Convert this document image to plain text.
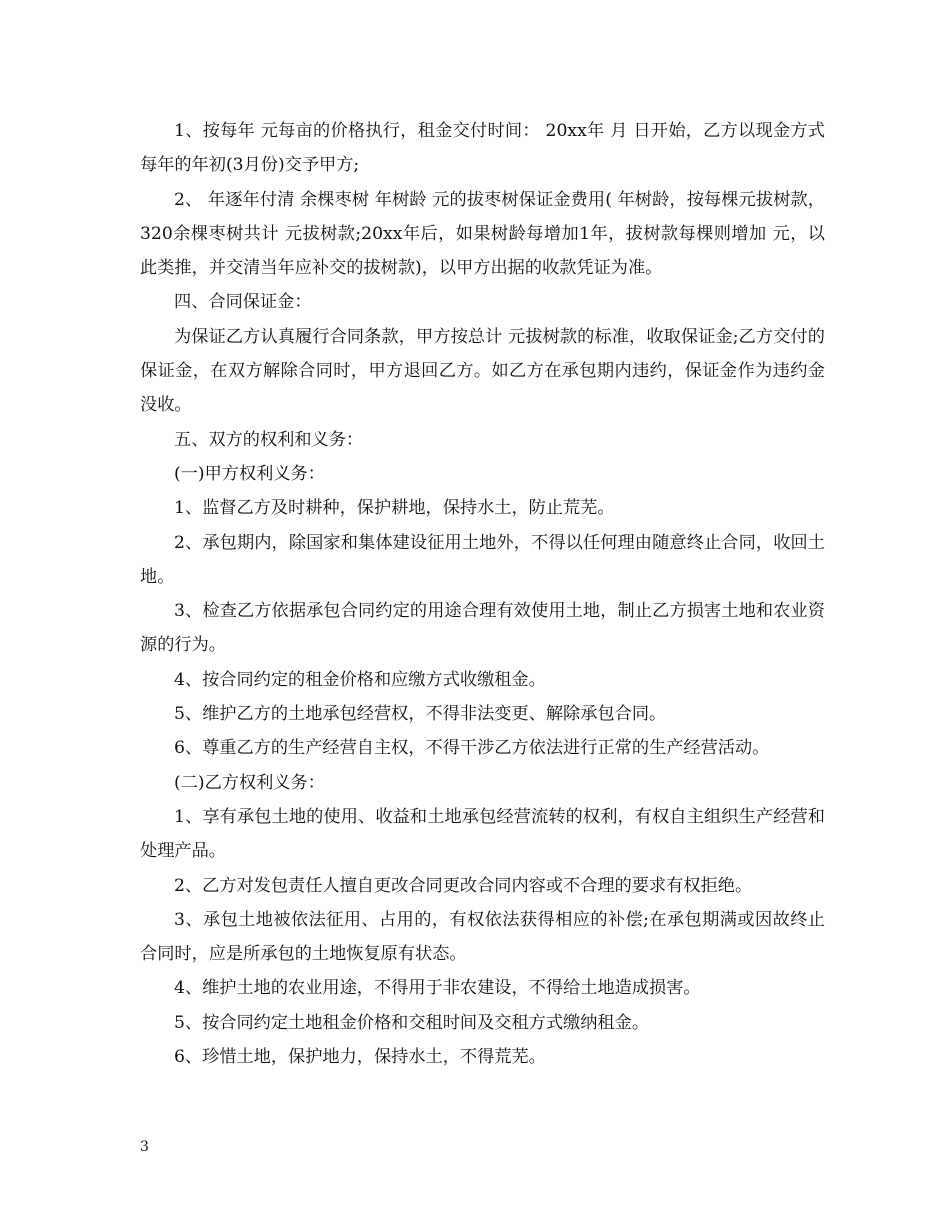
1、按每年 元每亩的价格执行，租金交付时间： 20xx年 月 日开始，乙方以现金方式每年的年初(3月份)交予甲方;

2、 年逐年付清 余棵枣树 年树龄 元的拔枣树保证金费用( 年树龄，按每棵元拔树款，320余棵枣树共计 元拔树款;20xx年后，如果树龄每增加1年，拔树款每棵则增加 元，以此类推，并交清当年应补交的拔树款)，以甲方出据的收款凭证为准。

四、合同保证金：

为保证乙方认真履行合同条款，甲方按总计 元拔树款的标准，收取保证金;乙方交付的保证金，在双方解除合同时，甲方退回乙方。如乙方在承包期内违约，保证金作为违约金没收。

五、双方的权利和义务：

(一)甲方权利义务：

1、监督乙方及时耕种，保护耕地，保持水土，防止荒芜。

2、承包期内，除国家和集体建设征用土地外，不得以任何理由随意终止合同，收回土地。

3、检查乙方依据承包合同约定的用途合理有效使用土地，制止乙方损害土地和农业资源的行为。

4、按合同约定的租金价格和应缴方式收缴租金。

5、维护乙方的土地承包经营权，不得非法变更、解除承包合同。

6、尊重乙方的生产经营自主权，不得干涉乙方依法进行正常的生产经营活动。

(二)乙方权利义务：

1、享有承包土地的使用、收益和土地承包经营流转的权利，有权自主组织生产经营和处理产品。

2、乙方对发包责任人擅自更改合同更改合同内容或不合理的要求有权拒绝。

3、承包土地被依法征用、占用的，有权依法获得相应的补偿;在承包期满或因故终止合同时，应是所承包的土地恢复原有状态。

4、维护土地的农业用途，不得用于非农建设，不得给土地造成损害。

5、按合同约定土地租金价格和交租时间及交租方式缴纳租金。

6、珍惜土地，保护地力，保持水土，不得荒芜。

3
